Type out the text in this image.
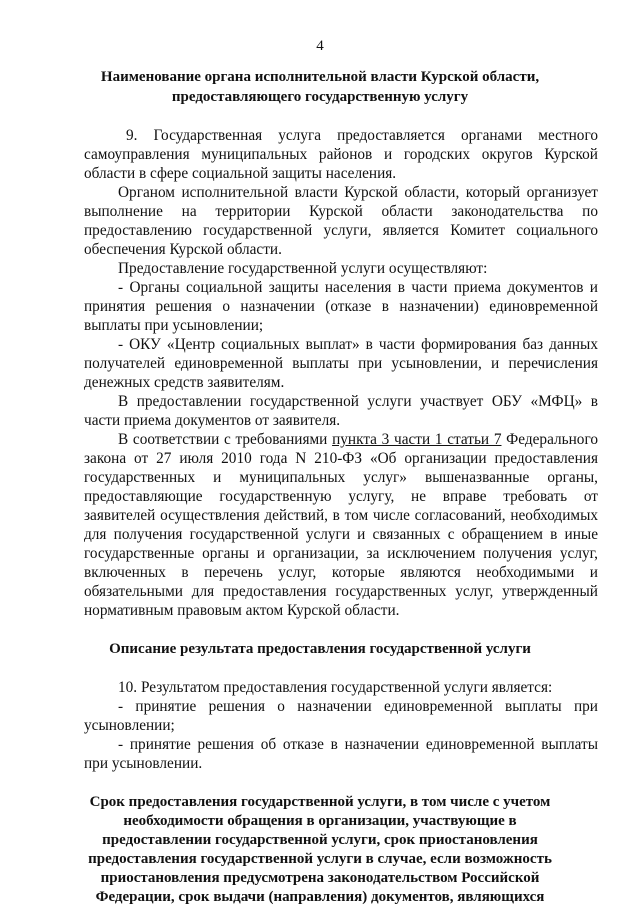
4
Наименование органа исполнительной власти Курской области,
предоставляющего государственную услугу
9. Государственная услуга предоставляется органами местного
самоуправления муниципальных районов и городских округов Курской
области в сфере социальной защиты населения.
Органом исполнительной власти Курской области, который организует
выполнение на территории Курской области законодательства по
предоставлению государственной услуги, является Комитет социального
обеспечения Курской области.
Предоставление государственной услуги осуществляют:
- Органы социальной защиты населения в части приема документов и
принятия решения о назначении (отказе в назначении) единовременной
выплаты при усыновлении;
- ОКУ «Центр социальных выплат» в части формирования баз данных
получателей единовременной выплаты при усыновлении, и перечисления
денежных средств заявителям.
В предоставлении государственной услуги участвует ОБУ «МФЦ» в
части приема документов от заявителя.
В соответствии с требованиями пункта 3 части 1 статьи 7 Федерального
закона от 27 июля 2010 года N 210-ФЗ «Об организации предоставления
государственных и муниципальных услуг» вышеназванные органы,
предоставляющие государственную услугу, не вправе требовать от
заявителей осуществления действий, в том числе согласований, необходимых
для получения государственной услуги и связанных с обращением в иные
государственные органы и организации, за исключением получения услуг,
включенных в перечень услуг, которые являются необходимыми и
обязательными для предоставления государственных услуг, утвержденный
нормативным правовым актом Курской области.
Описание результата предоставления государственной услуги
10. Результатом предоставления государственной услуги является:
- принятие решения о назначении единовременной выплаты при
усыновлении;
- принятие решения об отказе в назначении единовременной выплаты
при усыновлении.
Срок предоставления государственной услуги, в том числе с учетом
необходимости обращения в организации, участвующие в
предоставлении государственной услуги, срок приостановления
предоставления государственной услуги в случае, если возможность
приостановления предусмотрена законодательством Российской
Федерации, срок выдачи (направления) документов, являющихся
